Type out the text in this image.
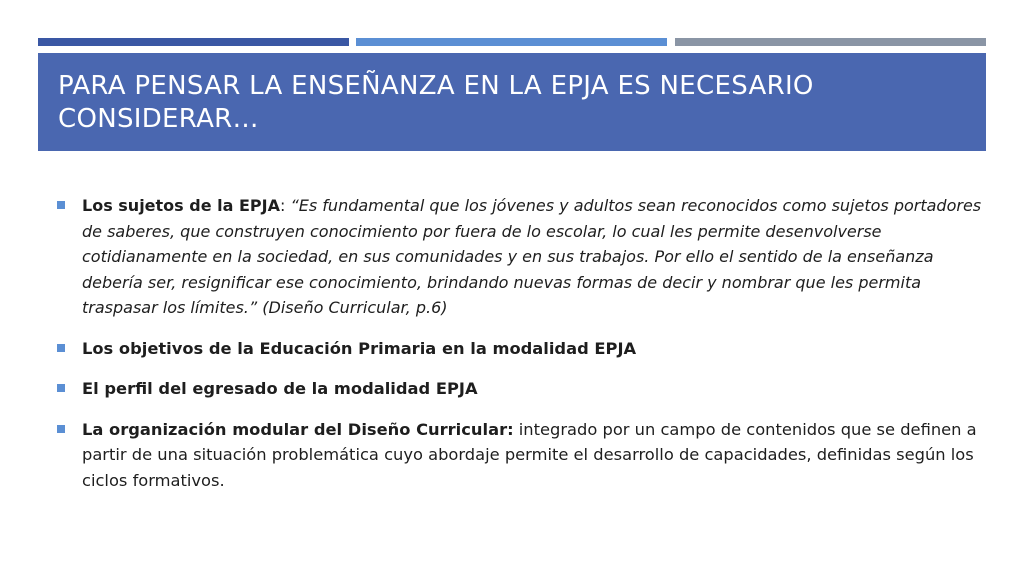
PARA PENSAR LA ENSEÑANZA EN LA EPJA ES NECESARIO CONSIDERAR…

Los sujetos de la EPJA: “Es fundamental que los jóvenes y adultos sean reconocidos como sujetos portadores de saberes, que construyen conocimiento por fuera de lo escolar, lo cual les permite desenvolverse cotidianamente en la sociedad, en sus comunidades y en sus trabajos. Por ello el sentido de la enseñanza debería ser, resignificar ese conocimiento, brindando nuevas formas de decir y nombrar que les permita traspasar los límites.” (Diseño Curricular, p.6)

Los objetivos de la Educación Primaria en la modalidad EPJA

El perfil del egresado de la modalidad EPJA

La organización modular del Diseño Curricular: integrado por un campo de contenidos que se definen a partir de una situación problemática cuyo abordaje permite el desarrollo de capacidades, definidas según los ciclos formativos.
